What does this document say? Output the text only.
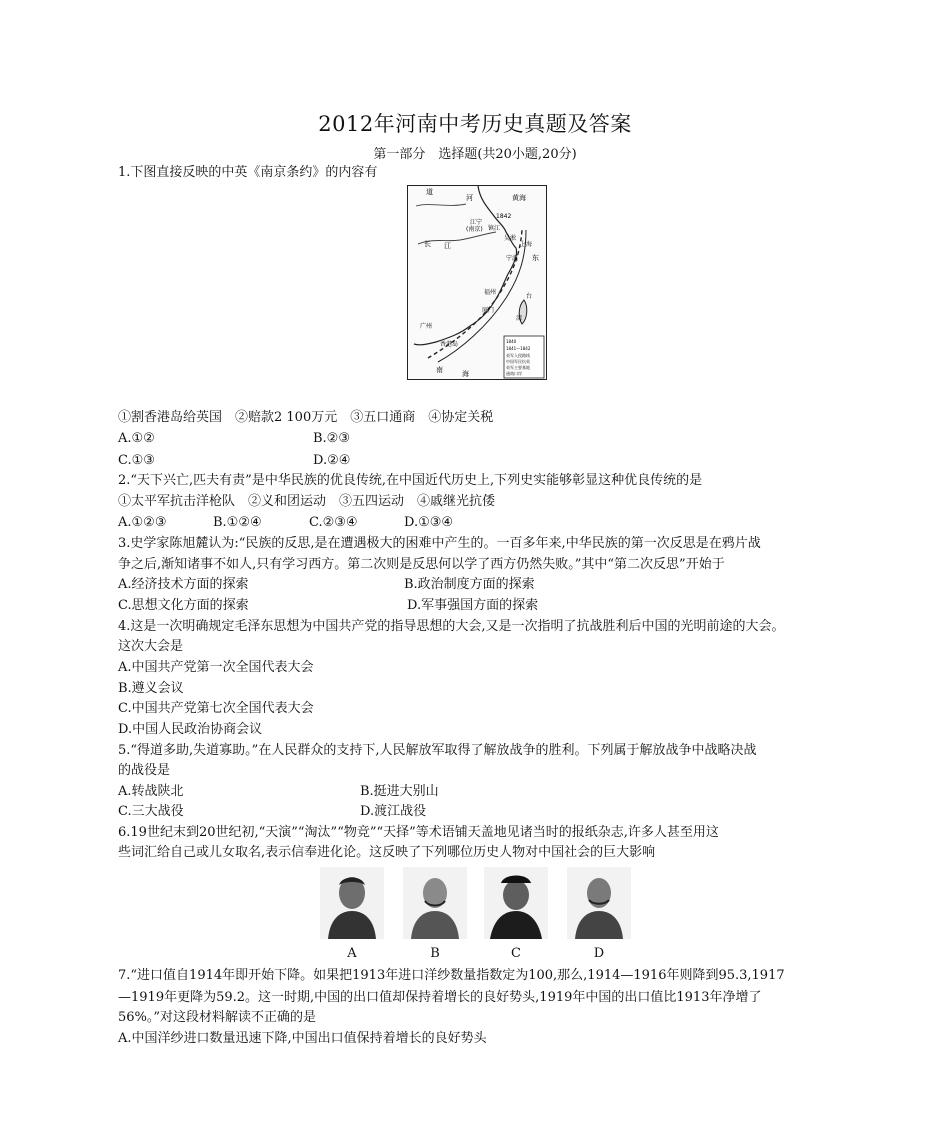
2012年河南中考历史真题及答案
第一部分　选择题(共20小题,20分)
1.下图直接反映的中英《南京条约》的内容有
道
河	黄海
江宁
(南京)
1842
镇江
上海
吴淞
长 江
东
宁波
福州
台
厦门
湾
广州
香港岛
海
南
1840
1841—1842
英军入侵路线
中国军民抗英
英军主要基地
通商口岸
①割香港岛给英国　②赔款2 100万元　③五口通商　④协定关税
A.①②	B.②③
C.①③	D.②④
2.“天下兴亡,匹夫有责”是中华民族的优良传统,在中国近代历史上,下列史实能够彰显这种优良传统的是
①太平军抗击洋枪队　②义和团运动　③五四运动　④戚继光抗倭
A.①②③	B.①②④	C.②③④	D.①③④
3.史学家陈旭麓认为:“民族的反思,是在遭遇极大的困难中产生的。一百多年来,中华民族的第一次反思是在鸦片战
争之后,渐知诸事不如人,只有学习西方。第二次则是反思何以学了西方仍然失败。”其中“第二次反思”开始于
A.经济技术方面的探索	B.政治制度方面的探索
C.思想文化方面的探索	D.军事强国方面的探索
4.这是一次明确规定毛泽东思想为中国共产党的指导思想的大会,又是一次指明了抗战胜利后中国的光明前途的大会。
这次大会是
A.中国共产党第一次全国代表大会
B.遵义会议
C.中国共产党第七次全国代表大会
D.中国人民政治协商会议
5.“得道多助,失道寡助。”在人民群众的支持下,人民解放军取得了解放战争的胜利。下列属于解放战争中战略决战
的战役是
A.转战陕北	B.挺进大别山
C.三大战役	D.渡江战役
6.19世纪末到20世纪初,“天演”“淘汰”“物竞”“天择”等术语铺天盖地见诸当时的报纸杂志,许多人甚至用这
些词汇给自己或儿女取名,表示信奉进化论。这反映了下列哪位历史人物对中国社会的巨大影响
A	B	C	D
7.“进口值自1914年即开始下降。如果把1913年进口洋纱数量指数定为100,那么,1914—1916年则降到95.3,1917
—1919年更降为59.2。这一时期,中国的出口值却保持着增长的良好势头,1919年中国的出口值比1913年净增了
56%。”对这段材料解读不正确的是
A.中国洋纱进口数量迅速下降,中国出口值保持着增长的良好势头
